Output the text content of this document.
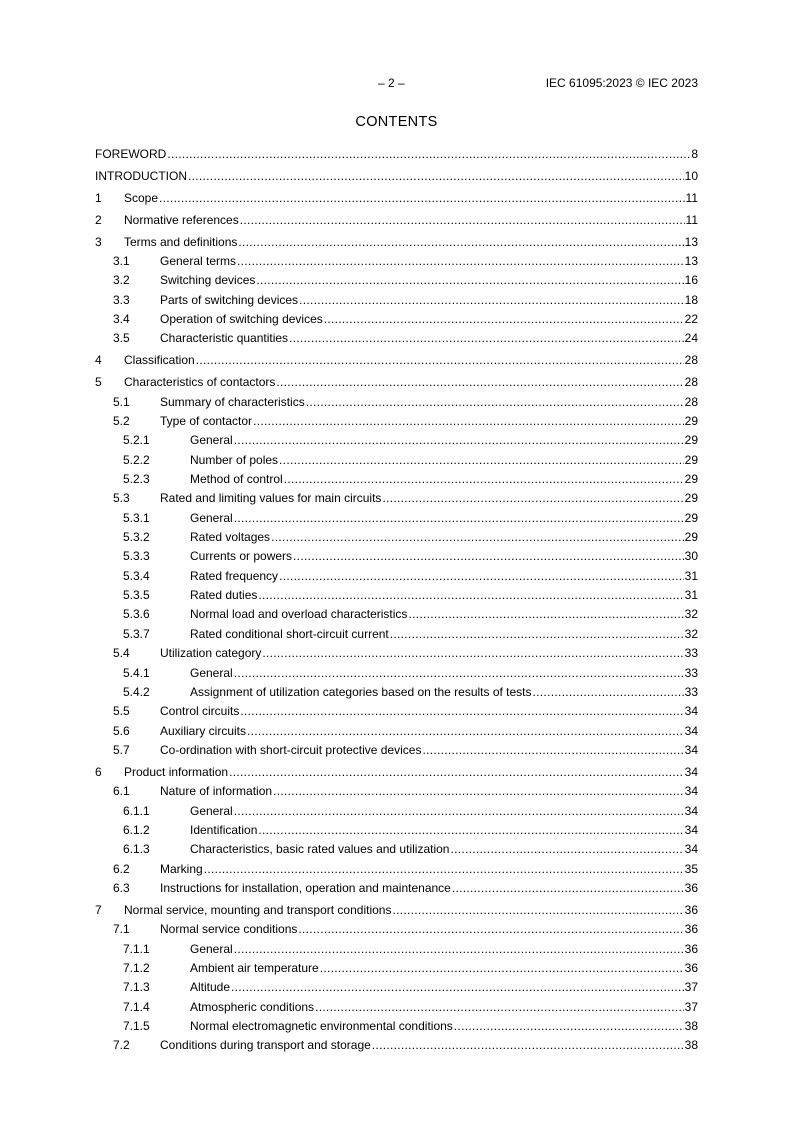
– 2 –	IEC 61095:2023 © IEC 2023
CONTENTS
FOREWORD .....	8
INTRODUCTION .....	10
1 Scope .....	11
2 Normative references .....	11
3 Terms and definitions .....	13
3.1	General terms .....	13
3.2	Switching devices .....	16
3.3	Parts of switching devices .....	18
3.4	Operation of switching devices .....	22
3.5	Characteristic quantities .....	24
4 Classification .....	28
5 Characteristics of contactors .....	28
5.1	Summary of characteristics .....	28
5.2	Type of contactor .....	29
5.2.1	General .....	29
5.2.2	Number of poles .....	29
5.2.3	Method of control .....	29
5.3	Rated and limiting values for main circuits .....	29
5.3.1	General .....	29
5.3.2	Rated voltages .....	29
5.3.3	Currents or powers .....	30
5.3.4	Rated frequency .....	31
5.3.5	Rated duties .....	31
5.3.6	Normal load and overload characteristics .....	32
5.3.7	Rated conditional short-circuit current .....	32
5.4	Utilization category .....	33
5.4.1	General .....	33
5.4.2	Assignment of utilization categories based on the results of tests .....	33
5.5	Control circuits .....	34
5.6	Auxiliary circuits .....	34
5.7	Co-ordination with short-circuit protective devices .....	34
6 Product information .....	34
6.1	Nature of information .....	34
6.1.1	General .....	34
6.1.2	Identification .....	34
6.1.3	Characteristics, basic rated values and utilization .....	34
6.2	Marking .....	35
6.3	Instructions for installation, operation and maintenance .....	36
7 Normal service, mounting and transport conditions .....	36
7.1	Normal service conditions .....	36
7.1.1	General .....	36
7.1.2	Ambient air temperature .....	36
7.1.3	Altitude .....	37
7.1.4	Atmospheric conditions .....	37
7.1.5	Normal electromagnetic environmental conditions .....	38
7.2	Conditions during transport and storage .....	38
